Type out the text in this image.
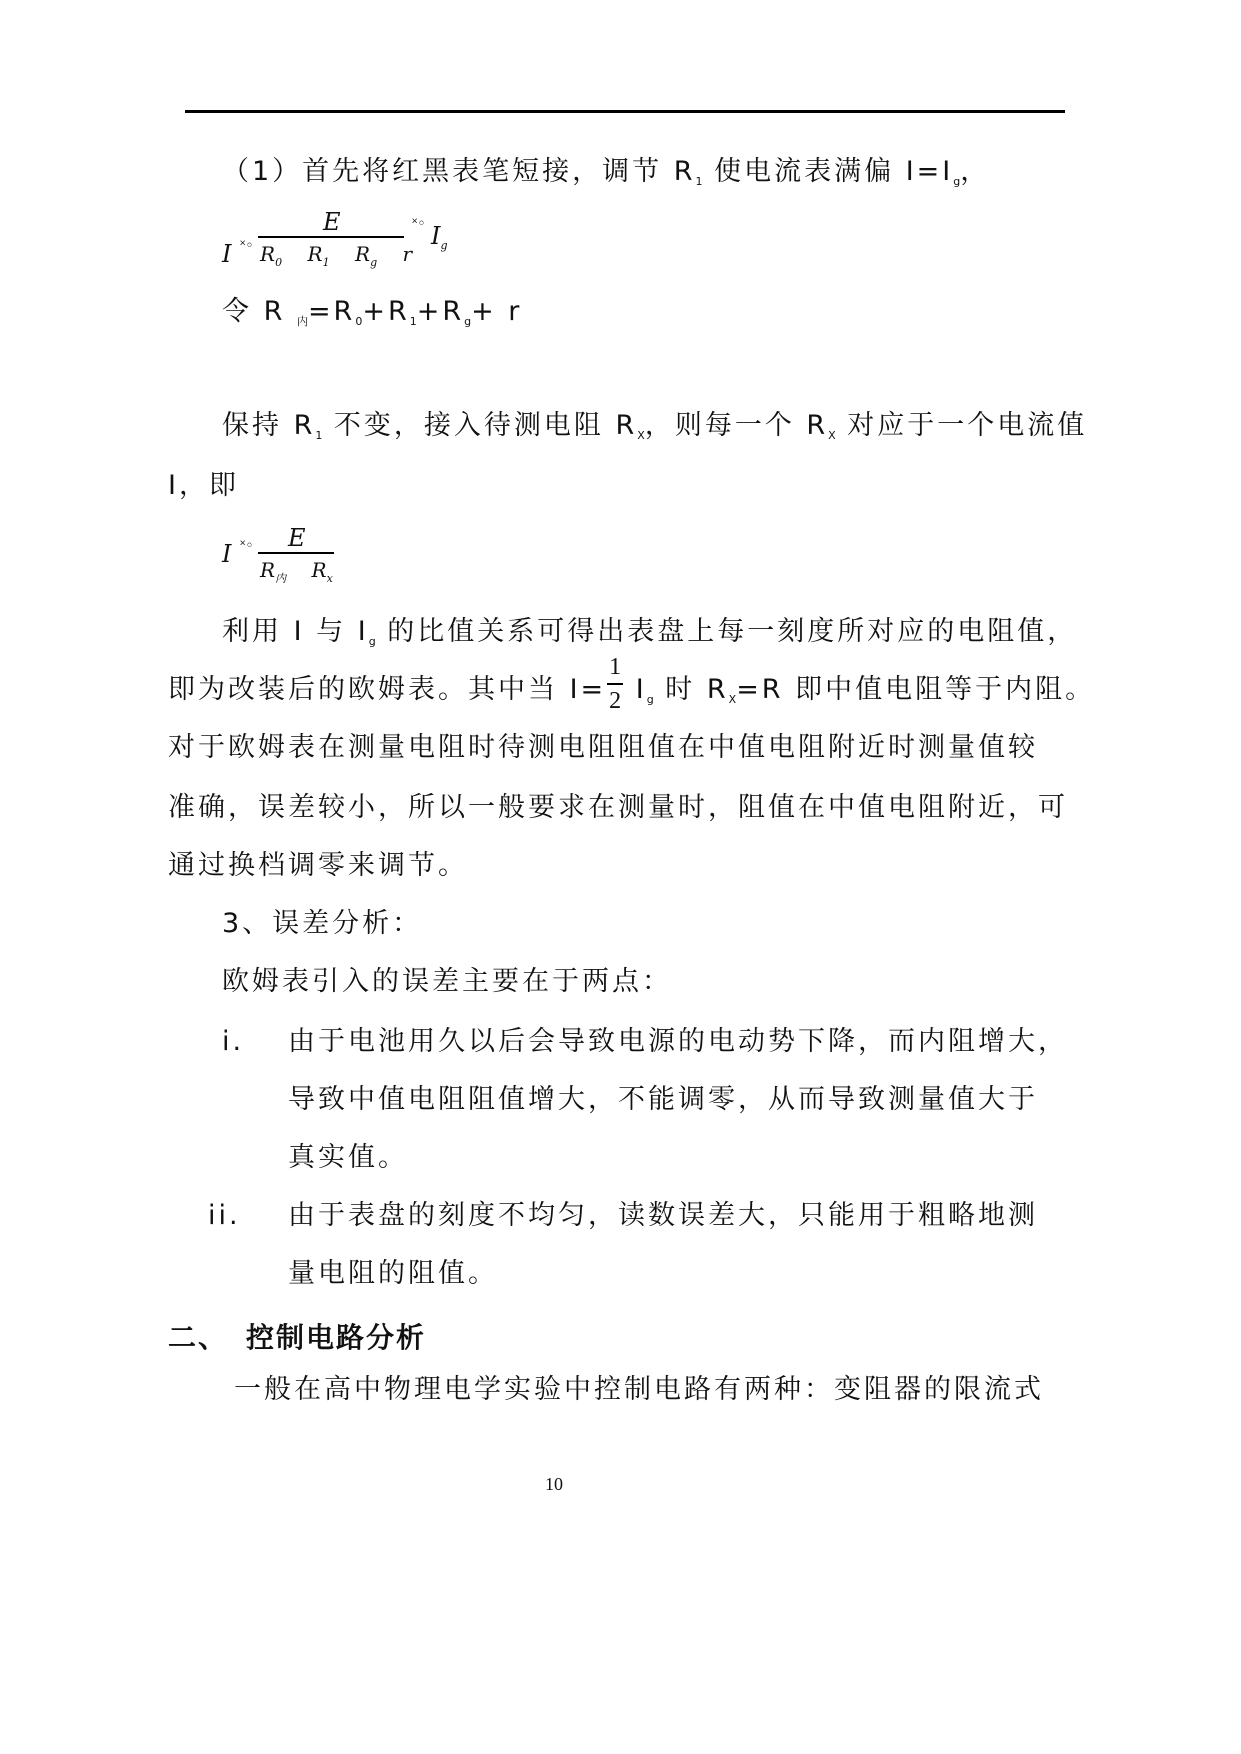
（1）首先将红黑表笔短接，调节 $R_1$ 使电流表满偏 $I=I_g$，
I ˟◦
E
$R_0$ $R_1$ $R_g$ r
˟◦ $I_g$
令 R $_内=R_0+R_1+R_g+ r$
保持 $R_1$ 不变，接入待测电阻 $R_X$，则每一个 $R_X$ 对应于一个电流值
I，即
I ˟◦ E
$R_内$ $R_x$
利用 I 与 $I_g$ 的比值关系可得出表盘上每一刻度所对应的电阻值，
即为改装后的欧姆表。其中当 $I= \frac{1}{2} I_g$ 时 $R_X=R$ 即中值电阻等于内阻。
对于欧姆表在测量电阻时待测电阻阻值在中值电阻附近时测量值较
准确，误差较小，所以一般要求在测量时，阻值在中值电阻附近，可
通过换档调零来调节。
3、误差分析：
欧姆表引入的误差主要在于两点：
i. 由于电池用久以后会导致电源的电动势下降，而内阻增大，
导致中值电阻阻值增大，不能调零，从而导致测量值大于
真实值。
ii. 由于表盘的刻度不均匀，读数误差大，只能用于粗略地测
量电阻的阻值。
二、 控制电路分析
一般在高中物理电学实验中控制电路有两种：变阻器的限流式
10
